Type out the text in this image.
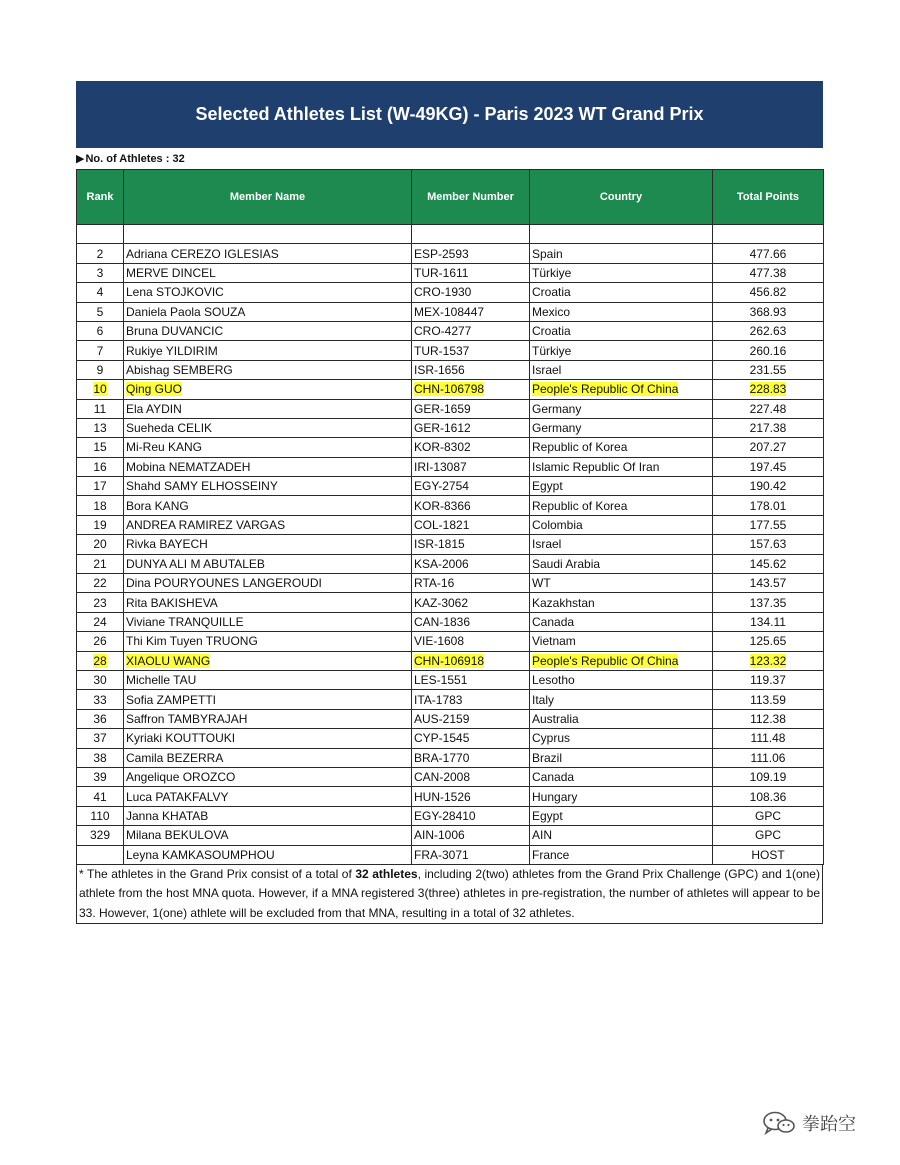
Selected Athletes List (W-49KG) - Paris 2023 WT Grand Prix
▶ No. of Athletes : 32
Rank	Member Name	Member Number	Country	Total Points

2	Adriana CEREZO IGLESIAS	ESP-2593	Spain	477.66
3	MERVE DINCEL	TUR-1611	Türkiye	477.38
4	Lena STOJKOVIC	CRO-1930	Croatia	456.82
5	Daniela Paola SOUZA	MEX-108447	Mexico	368.93
6	Bruna DUVANCIC	CRO-4277	Croatia	262.63
7	Rukiye YILDIRIM	TUR-1537	Türkiye	260.16
9	Abishag SEMBERG	ISR-1656	Israel	231.55
10	Qing GUO	CHN-106798	People's Republic Of China	228.83
11	Ela AYDIN	GER-1659	Germany	227.48
13	Sueheda CELIK	GER-1612	Germany	217.38
15	Mi-Reu KANG	KOR-8302	Republic of Korea	207.27
16	Mobina NEMATZADEH	IRI-13087	Islamic Republic Of Iran	197.45
17	Shahd SAMY ELHOSSEINY	EGY-2754	Egypt	190.42
18	Bora KANG	KOR-8366	Republic of Korea	178.01
19	ANDREA RAMIREZ VARGAS	COL-1821	Colombia	177.55
20	Rivka BAYECH	ISR-1815	Israel	157.63
21	DUNYA ALI M ABUTALEB	KSA-2006	Saudi Arabia	145.62
22	Dina POURYOUNES LANGEROUDI	RTA-16	WT	143.57
23	Rita BAKISHEVA	KAZ-3062	Kazakhstan	137.35
24	Viviane TRANQUILLE	CAN-1836	Canada	134.11
26	Thi Kim Tuyen TRUONG	VIE-1608	Vietnam	125.65
28	XIAOLU WANG	CHN-106918	People's Republic Of China	123.32
30	Michelle TAU	LES-1551	Lesotho	119.37
33	Sofia ZAMPETTI	ITA-1783	Italy	113.59
36	Saffron TAMBYRAJAH	AUS-2159	Australia	112.38
37	Kyriaki KOUTTOUKI	CYP-1545	Cyprus	111.48
38	Camila BEZERRA	BRA-1770	Brazil	111.06
39	Angelique OROZCO	CAN-2008	Canada	109.19
41	Luca PATAKFALVY	HUN-1526	Hungary	108.36
110	Janna KHATAB	EGY-28410	Egypt	GPC
329	Milana BEKULOVA	AIN-1006	AIN	GPC
	Leyna KAMKASOUMPHOU	FRA-3071	France	HOST
* The athletes in the Grand Prix consist of a total of 32 athletes, including 2(two) athletes from the Grand Prix Challenge (GPC) and 1(one) athlete from the host MNA quota. However, if a MNA registered 3(three) athletes in pre-registration, the number of athletes will appear to be 33. However, 1(one) athlete will be excluded from that MNA, resulting in a total of 32 athletes.
拳跆空
